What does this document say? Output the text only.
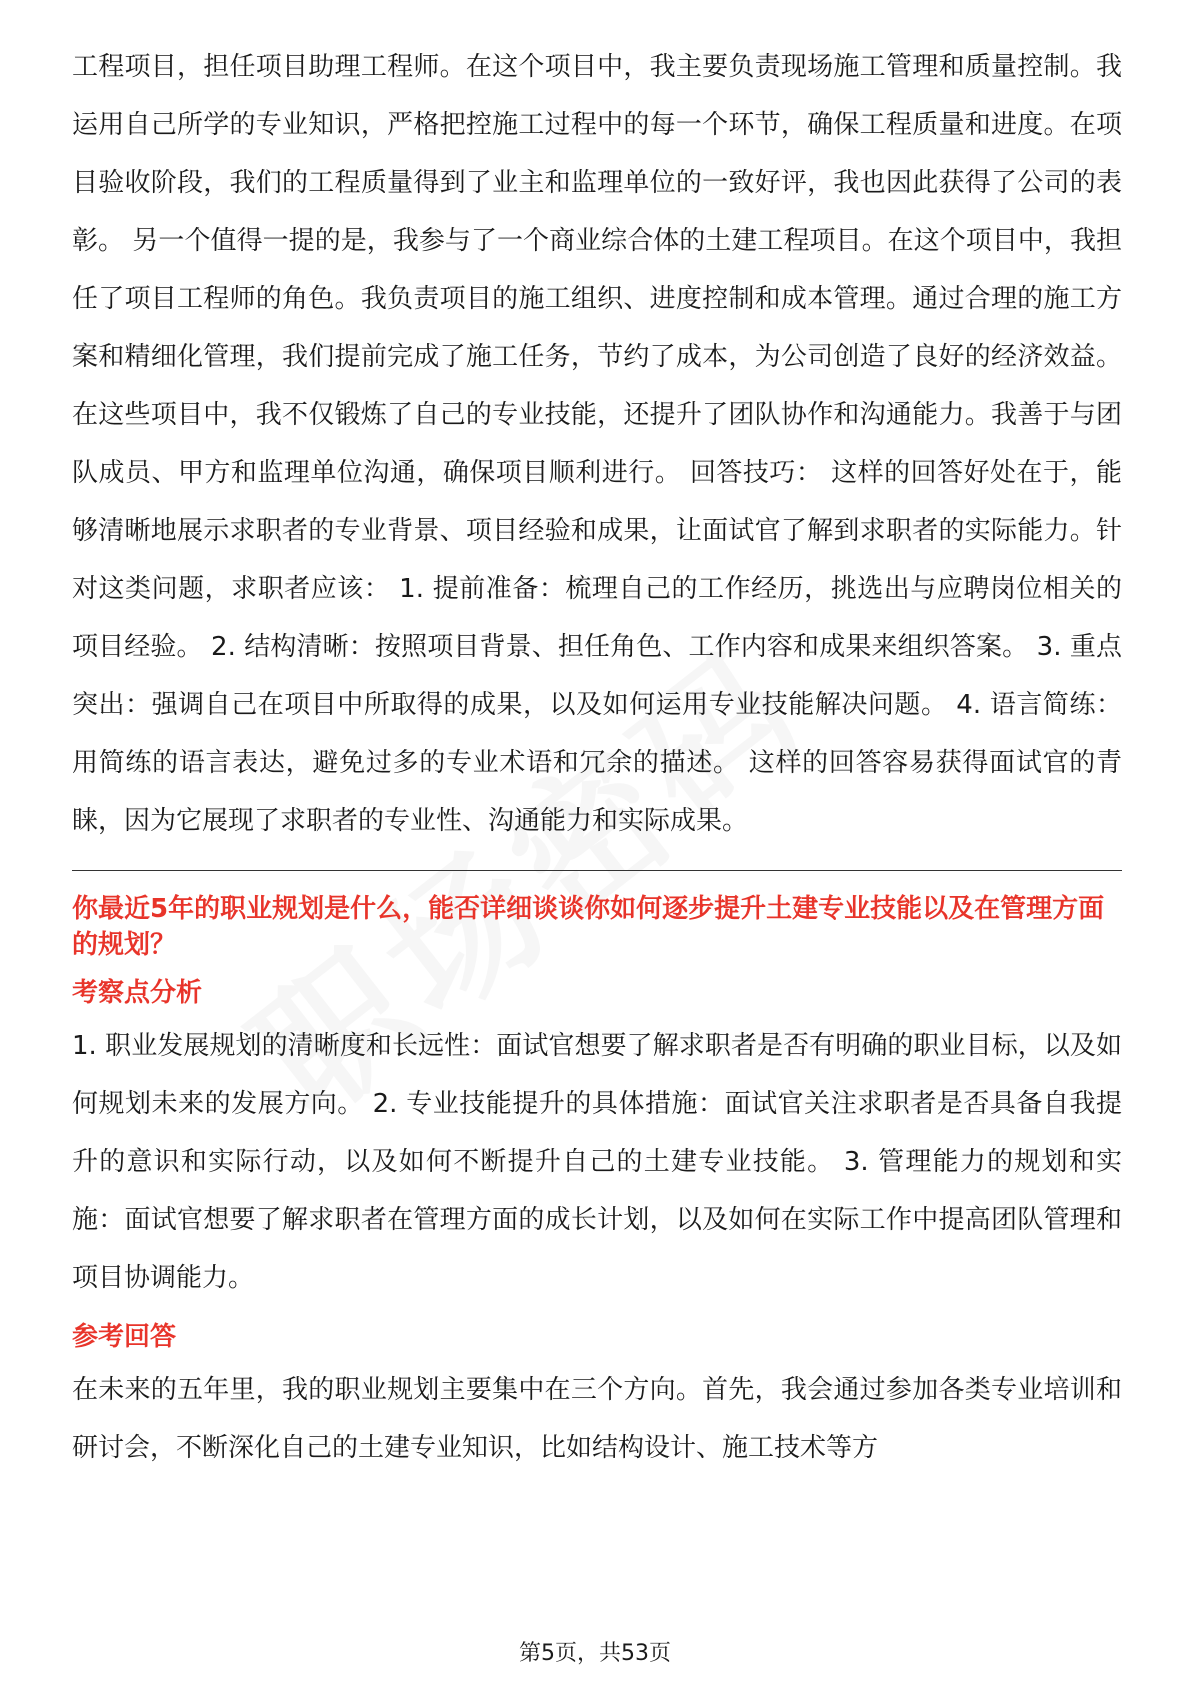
工程项目，担任项目助理工程师。在这个项目中，我主要负责现场施工管理和质量控制。我运用自己所学的专业知识，严格把控施工过程中的每一个环节，确保工程质量和进度。在项目验收阶段，我们的工程质量得到了业主和监理单位的一致好评，我也因此获得了公司的表彰。 另一个值得一提的是，我参与了一个商业综合体的土建工程项目。在这个项目中，我担任了项目工程师的角色。我负责项目的施工组织、进度控制和成本管理。通过合理的施工方案和精细化管理，我们提前完成了施工任务，节约了成本，为公司创造了良好的经济效益。 在这些项目中，我不仅锻炼了自己的专业技能，还提升了团队协作和沟通能力。我善于与团队成员、甲方和监理单位沟通，确保项目顺利进行。 回答技巧： 这样的回答好处在于，能够清晰地展示求职者的专业背景、项目经验和成果，让面试官了解到求职者的实际能力。针对这类问题，求职者应该： 1. 提前准备：梳理自己的工作经历，挑选出与应聘岗位相关的项目经验。 2. 结构清晰：按照项目背景、担任角色、工作内容和成果来组织答案。 3. 重点突出：强调自己在项目中所取得的成果，以及如何运用专业技能解决问题。 4. 语言简练：用简练的语言表达，避免过多的专业术语和冗余的描述。 这样的回答容易获得面试官的青睐，因为它展现了求职者的专业性、沟通能力和实际成果。

你最近5年的职业规划是什么，能否详细谈谈你如何逐步提升土建专业技能以及在管理方面的规划？

考察点分析

1. 职业发展规划的清晰度和长远性：面试官想要了解求职者是否有明确的职业目标，以及如何规划未来的发展方向。 2. 专业技能提升的具体措施：面试官关注求职者是否具备自我提升的意识和实际行动，以及如何不断提升自己的土建专业技能。 3. 管理能力的规划和实施：面试官想要了解求职者在管理方面的成长计划，以及如何在实际工作中提高团队管理和项目协调能力。

参考回答

在未来的五年里，我的职业规划主要集中在三个方向。首先，我会通过参加各类专业培训和研讨会，不断深化自己的土建专业知识，比如结构设计、施工技术等方

第5页，共53页
